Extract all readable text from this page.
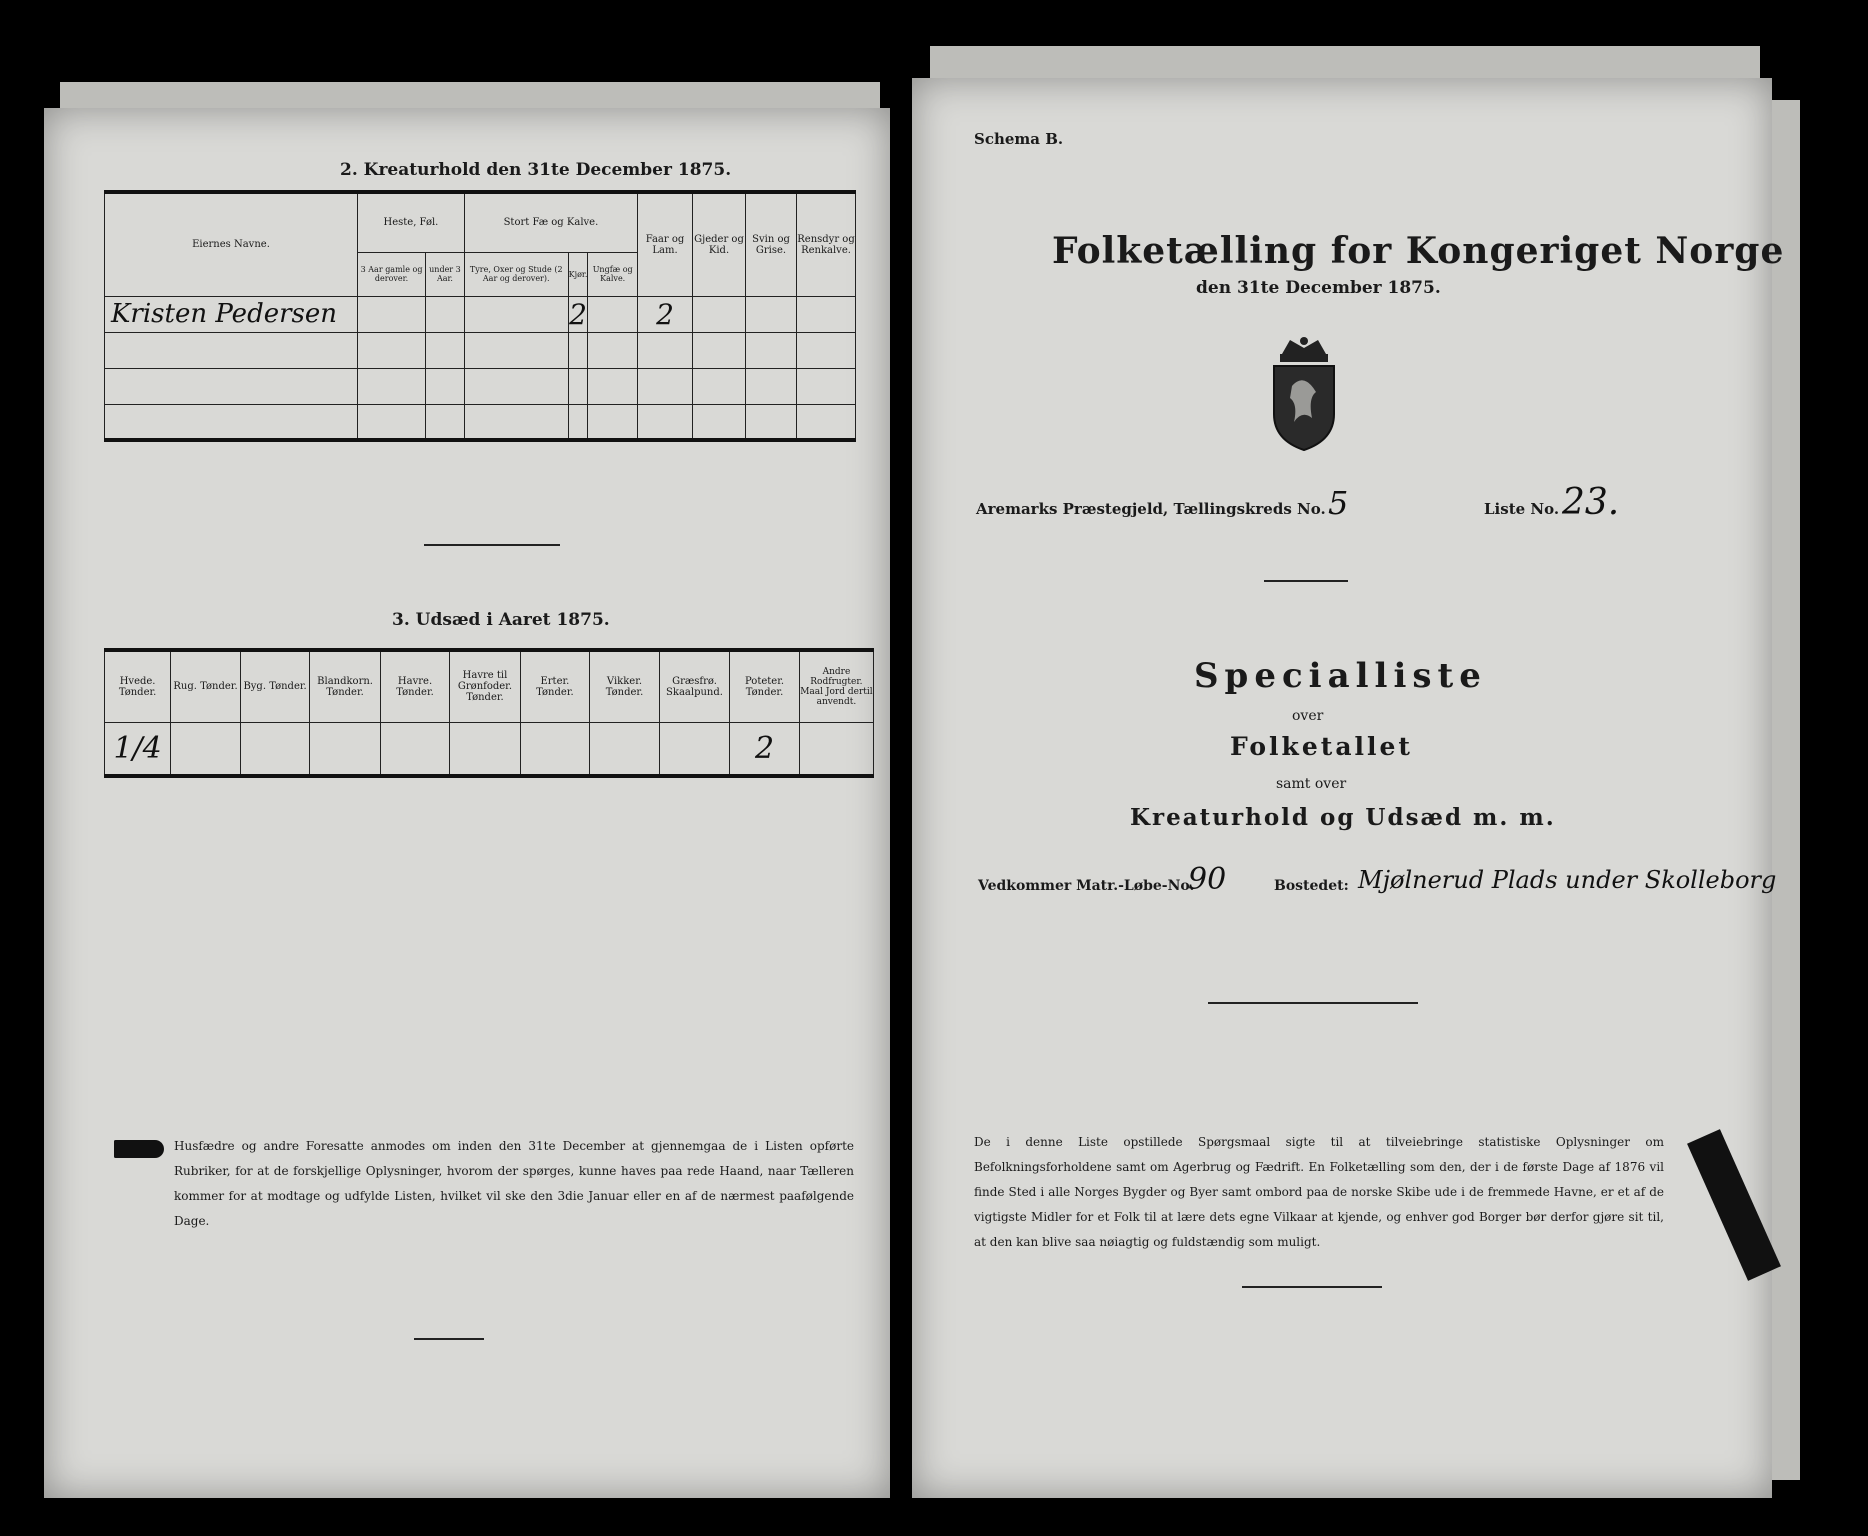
2. Kreaturhold den 31te December 1875.
Eiernes Navne.	Heste, Føl.		Stort Fæ og Kalve.			Faar og Lam.	Gjeder og Kid.	Svin og Grise.	Rensdyr og Renkalve.
	3 Aar gamle og derover.	under 3 Aar.	Tyre, Oxer og Stude (2 Aar og derover).	Kjør.	Ungfæ og Kalve.				
Kristen Pedersen				2		2			

3. Udsæd i Aaret 1875.
Hvede. Tønder.	Rug. Tønder.	Byg. Tønder.	Blandkorn. Tønder.	Havre. Tønder.	Havre til Grønfoder. Tønder.	Erter. Tønder.	Vikker. Tønder.	Græsfrø. Skaalpund.	Poteter. Tønder.	Andre Rodfrugter. Maal Jord dertil anvendt.
1/4									2	
Husfædre og andre Foresatte anmodes om inden den 31te December at gjennemgaa de i Listen opførte Rubriker, for at de forskjellige Oplysninger, hvorom der spørges, kunne haves paa rede Haand, naar Tælleren kommer for at modtage og udfylde Listen, hvilket vil ske den 3die Januar eller en af de nærmest paafølgende Dage.
Schema B.
Folketælling for Kongeriget Norge
den 31te December 1875.
Aremarks Præstegjeld, Tællingskreds No. 5	Liste No. 23.
Specialliste
over
Folketallet
samt over
Kreaturhold og Udsæd m. m.
Vedkommer Matr.-Løbe-No.
90	Bostedet: Mjølnerud Plads under Skolleborg
De i denne Liste opstillede Spørgsmaal sigte til at tilveiebringe statistiske Oplysninger om Befolkningsforholdene samt om Agerbrug og Fædrift. En Folketælling som den, der i de første Dage af 1876 vil finde Sted i alle Norges Bygder og Byer samt ombord paa de norske Skibe ude i de fremmede Havne, er et af de vigtigste Midler for et Folk til at lære dets egne Vilkaar at kjende, og enhver god Borger bør derfor gjøre sit til, at den kan blive saa nøiagtig og fuldstændig som muligt.
